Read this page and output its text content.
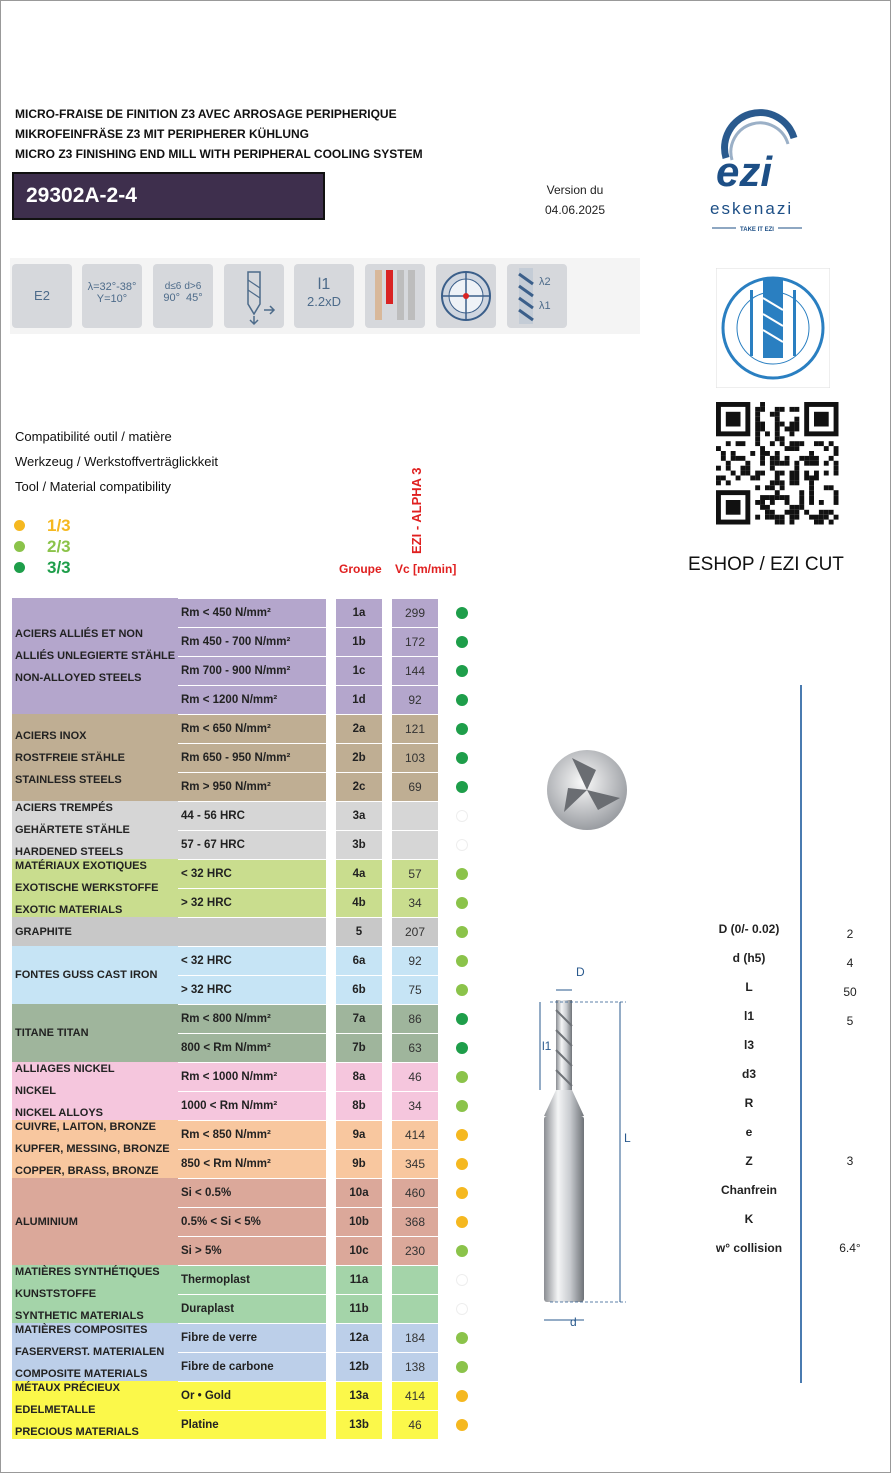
MICRO-FRAISE DE FINITION Z3 AVEC ARROSAGE PERIPHERIQUE
MIKROFEINFRÄSE Z3 MIT PERIPHERER KÜHLUNG
MICRO Z3 FINISHING END MILL WITH PERIPHERAL COOLING SYSTEM
29302A-2-4	Version du
04.06.2025
ezi
eskenazi
TAKE IT EZI
E2
λ=32°-38°
Y=10°
d≤6 d>6
90° 45°
l1
2.2xD
λ2
λ1
ESHOP / EZI CUT
Compatibilité outil / matière
Werkzeug / Werkstoffverträglickkeit
Tool / Material compatibility
1/3
2/3
3/3
EZI - ALPHA 3
Groupe Vc [m/min]
ACIERS ALLIÉS ET NON
ALLIÉS UNLEGIERTE STÄHLE
NON-ALLOYED STEELS
Rm < 450 N/mm²	1a	299
Rm 450 - 700 N/mm²	1b	172
Rm 700 - 900 N/mm²	1c	144
Rm < 1200 N/mm²	1d	92
ACIERS INOX
ROSTFREIE STÄHLE
STAINLESS STEELS
Rm < 650 N/mm²	2a	121
Rm 650 - 950 N/mm²	2b	103
Rm > 950 N/mm²	2c	69
ACIERS TREMPÉS
GEHÄRTETE STÄHLE
HARDENED STEELS
44 - 56 HRC	3a
57 - 67 HRC	3b
MATÉRIAUX EXOTIQUES
EXOTISCHE WERKSTOFFE
EXOTIC MATERIALS
< 32 HRC	4a	57
> 32 HRC	4b	34
GRAPHITE	5	207
FONTES GUSS CAST IRON
< 32 HRC	6a	92
> 32 HRC	6b	75
TITANE TITAN
Rm < 800 N/mm²	7a	86
800 < Rm N/mm²	7b	63
ALLIAGES NICKEL
NICKEL
NICKEL ALLOYS
Rm < 1000 N/mm²	8a	46
1000 < Rm N/mm²	8b	34
CUIVRE, LAITON, BRONZE
KUPFER, MESSING, BRONZE
COPPER, BRASS, BRONZE
Rm < 850 N/mm²	9a	414
850 < Rm N/mm²	9b	345
ALUMINIUM
Si < 0.5%	10a	460
0.5% < Si < 5%	10b	368
Si > 5%	10c	230
MATIÈRES SYNTHÉTIQUES
KUNSTSTOFFE
SYNTHETIC MATERIALS
Thermoplast	11a
Duraplast	11b
MATIÈRES COMPOSITES
FASERVERST. MATERIALEN
COMPOSITE MATERIALS
Fibre de verre	12a	184
Fibre de carbone	12b	138
MÉTAUX PRÉCIEUX
EDELMETALLE
PRECIOUS MATERIALS
Or • Gold	13a	414
Platine	13b	46
D
l1
L
d
D (0/- 0.02)	2
d (h5)	4
L	50
l1	5
l3
d3
R
e
Z	3
Chanfrein
K
w° collision	6.4°
